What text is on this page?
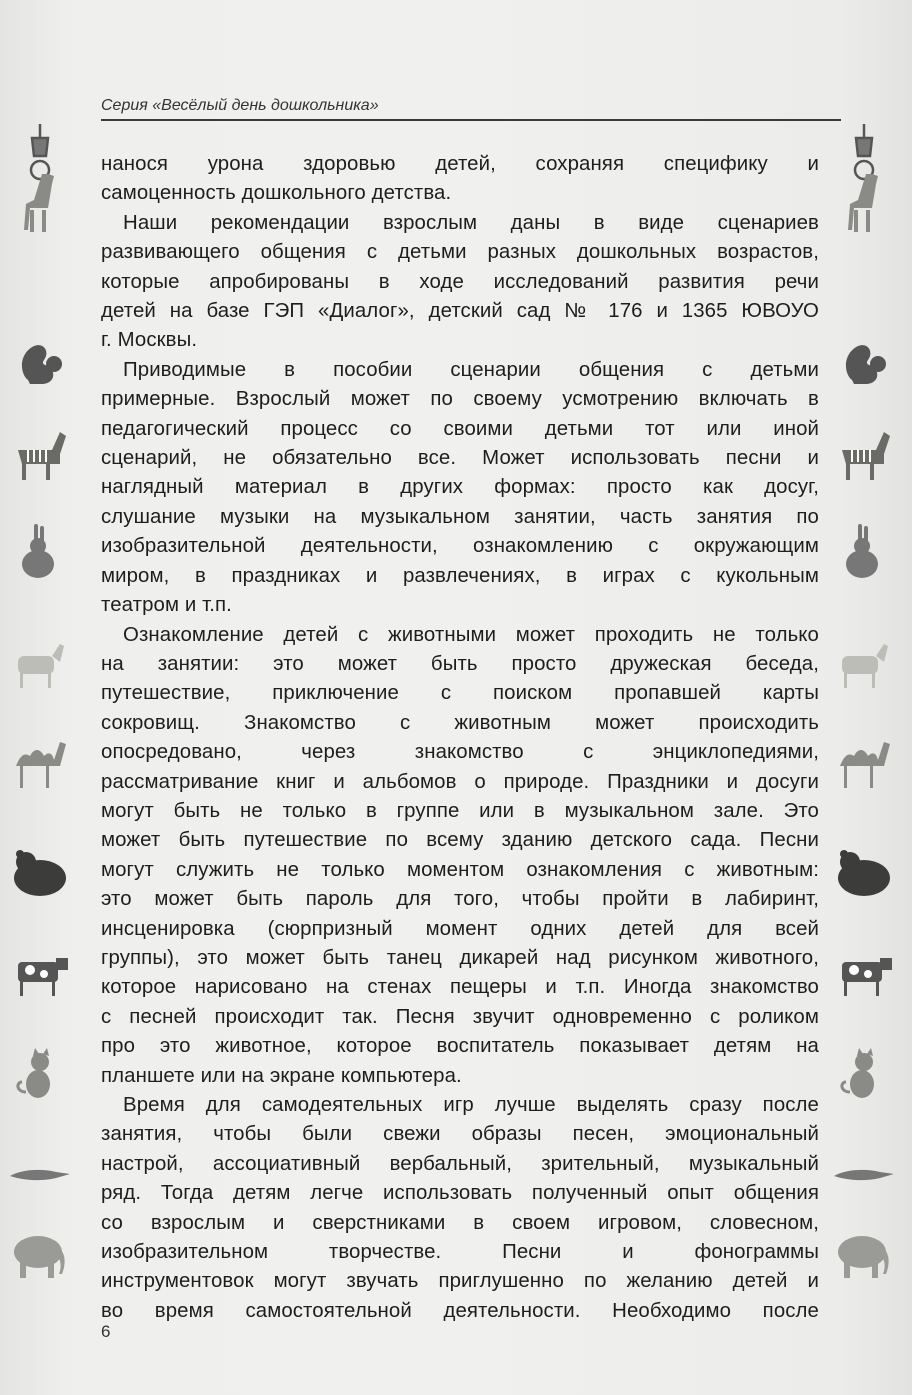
Серия «Весёлый день дошкольника»

наноcя урона здоровью детей, сохраняя специфику и
самоценность дошкольного детства.

Наши рекомендации взрослым даны в виде сценариев
развивающего общения с детьми разных дошкольных возрастов,
которые апробированы в ходе исследований развития речи
детей на базе ГЭП «Диалог», детский сад № 176 и 1365 ЮВОУО
г. Москвы.

Приводимые в пособии сценарии общения с детьми
примерные. Взрослый может по своему усмотрению включать в
педагогический процесс со своими детьми тот или иной
сценарий, не обязательно все. Может использовать песни и
наглядный материал в других формах: просто как досуг,
слушание музыки на музыкальном занятии, часть занятия по
изобразительной деятельности, ознакомлению с окружающим
миром, в праздниках и развлечениях, в играх с кукольным
театром и т.п.

Ознакомление детей с животными может проходить не только
на занятии: это может быть просто дружеская беседа,
путешествие, приключение с поиском пропавшей карты
сокровищ. Знакомство с животным может происходить
опосредовано, через знакомство с энциклопедиями,
рассматривание книг и альбомов о природе. Праздники и досуги
могут быть не только в группе или в музыкальном зале. Это
может быть путешествие по всему зданию детского сада. Песни
могут служить не только моментом ознакомления с животным:
это может быть пароль для того, чтобы пройти в лабиринт,
инсценировка (сюрпризный момент одних детей для всей
группы), это может быть танец дикарей над рисунком животного,
которое нарисовано на стенах пещеры и т.п. Иногда знакомство
с песней происходит так. Песня звучит одновременно с роликом
про это животное, которое воспитатель показывает детям на
планшете или на экране компьютера.

Время для самодеятельных игр лучше выделять сразу после
занятия, чтобы были свежи образы песен, эмоциональный
настрой, ассоциативный вербальный, зрительный, музыкальный
ряд. Тогда детям легче использовать полученный опыт общения
со взрослым и сверстниками в своем игровом, словесном,
изобразительном творчестве. Песни и фонограммы
инструментовок могут звучать приглушенно по желанию детей и
во время самостоятельной деятельности. Необходимо после

6
